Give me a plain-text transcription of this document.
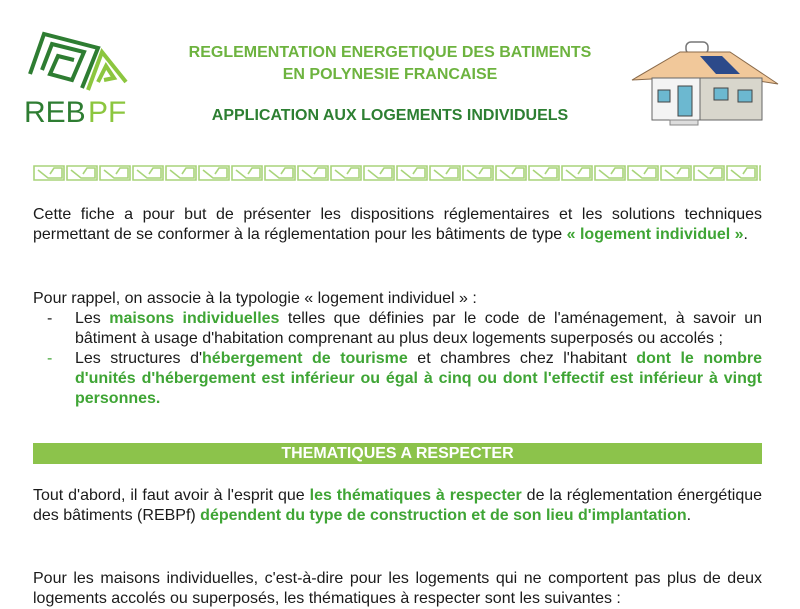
REB PF
REGLEMENTATION ENERGETIQUE DES BATIMENTS
EN POLYNESIE FRANCAISE
APPLICATION AUX LOGEMENTS INDIVIDUELS
Cette fiche a pour but de présenter les dispositions réglementaires et les solutions techniques permettant de se conformer à la réglementation pour les bâtiments de type « logement individuel ».
Pour rappel, on associe à la typologie « logement individuel » :
- Les maisons individuelles telles que définies par le code de l'aménagement, à savoir un bâtiment à usage d'habitation comprenant au plus deux logements superposés ou accolés ;
- Les structures d'hébergement de tourisme et chambres chez l'habitant dont le nombre d'unités d'hébergement est inférieur ou égal à cinq ou dont l'effectif est inférieur à vingt personnes.
THEMATIQUES A RESPECTER
Tout d'abord, il faut avoir à l'esprit que les thématiques à respecter de la réglementation énergétique des bâtiments (REBPf) dépendent du type de construction et de son lieu d'implantation.
Pour les maisons individuelles, c'est-à-dire pour les logements qui ne comportent pas plus de deux logements accolés ou superposés, les thématiques à respecter sont les suivantes :
